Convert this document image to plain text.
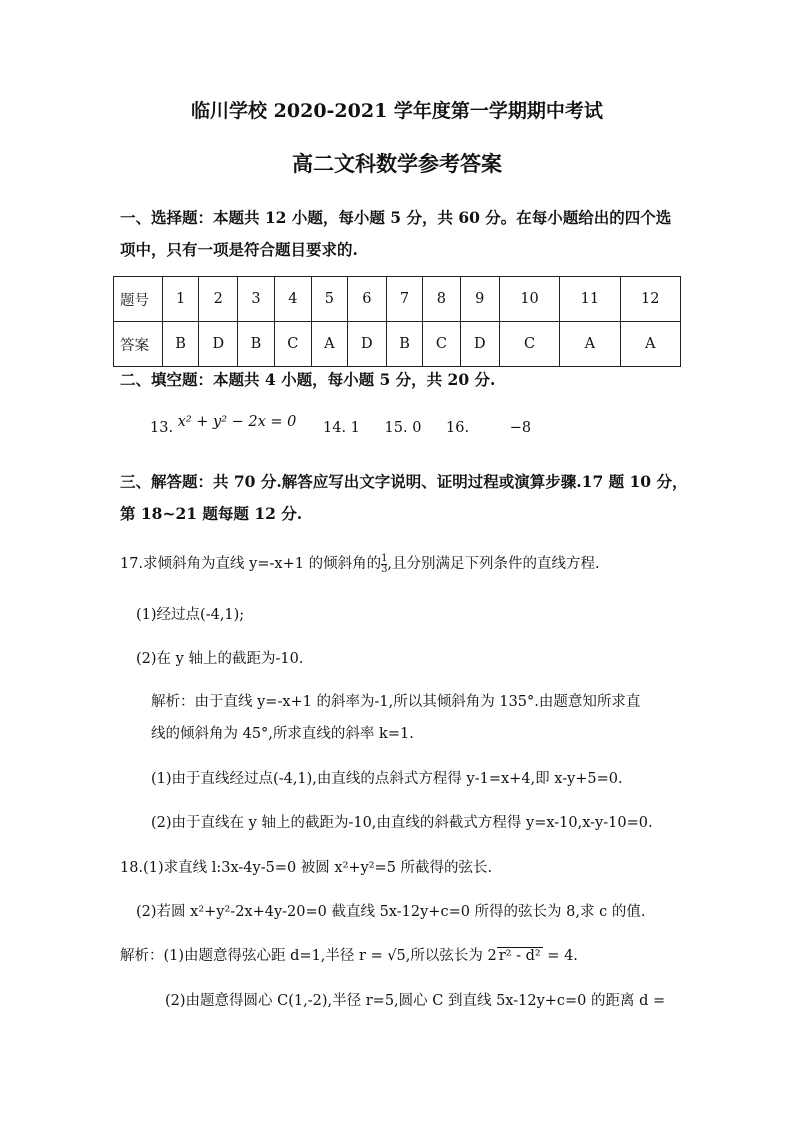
临川学校 2020-2021 学年度第一学期期中考试
高二文科数学参考答案
一、选择题：本题共 12 小题，每小题 5 分，共 60 分。在每小题给出的四个选
项中，只有一项是符合题目要求的.
题号	1	2	3	4	5	6	7	8	9	10	11	12
答案	B	D	B	C	A	D	B	C	D	C	A	A
二、填空题：本题共 4 小题，每小题 5 分，共 20 分.
13. x² + y² − 2x = 0 14. 1 15. 0 16.	−8
三、解答题：共 70 分.解答应写出文字说明、证明过程或演算步骤.17 题 10 分，
第 18~21 题每题 12 分.
17.求倾斜角为直线 y=-x+1 的倾斜角的 $\frac{1}{3}$ ,且分别满足下列条件的直线方程.
(1)经过点(-4,1);
(2)在 y 轴上的截距为-10.
解析：由于直线 y=-x+1 的斜率为-1,所以其倾斜角为 135°.由题意知所求直
线的倾斜角为 45°,所求直线的斜率 k=1.
(1)由于直线经过点(-4,1),由直线的点斜式方程得 y-1=x+4,即 x-y+5=0.
(2)由于直线在 y 轴上的截距为-10,由直线的斜截式方程得 y=x-10,x-y-10=0.
18.(1)求直线 l:3x-4y-5=0 被圆 x²+y²=5 所截得的弦长.
(2)若圆 x²+y²-2x+4y-20=0 截直线 5x-12y+c=0 所得的弦长为 8,求 c 的值.
解析：(1)由题意得弦心距 d=1,半径 r = √5,所以弦长为 2 r² - d² = 4.
(2)由题意得圆心 C(1,-2),半径 r=5,圆心 C 到直线 5x-12y+c=0 的距离 d =
